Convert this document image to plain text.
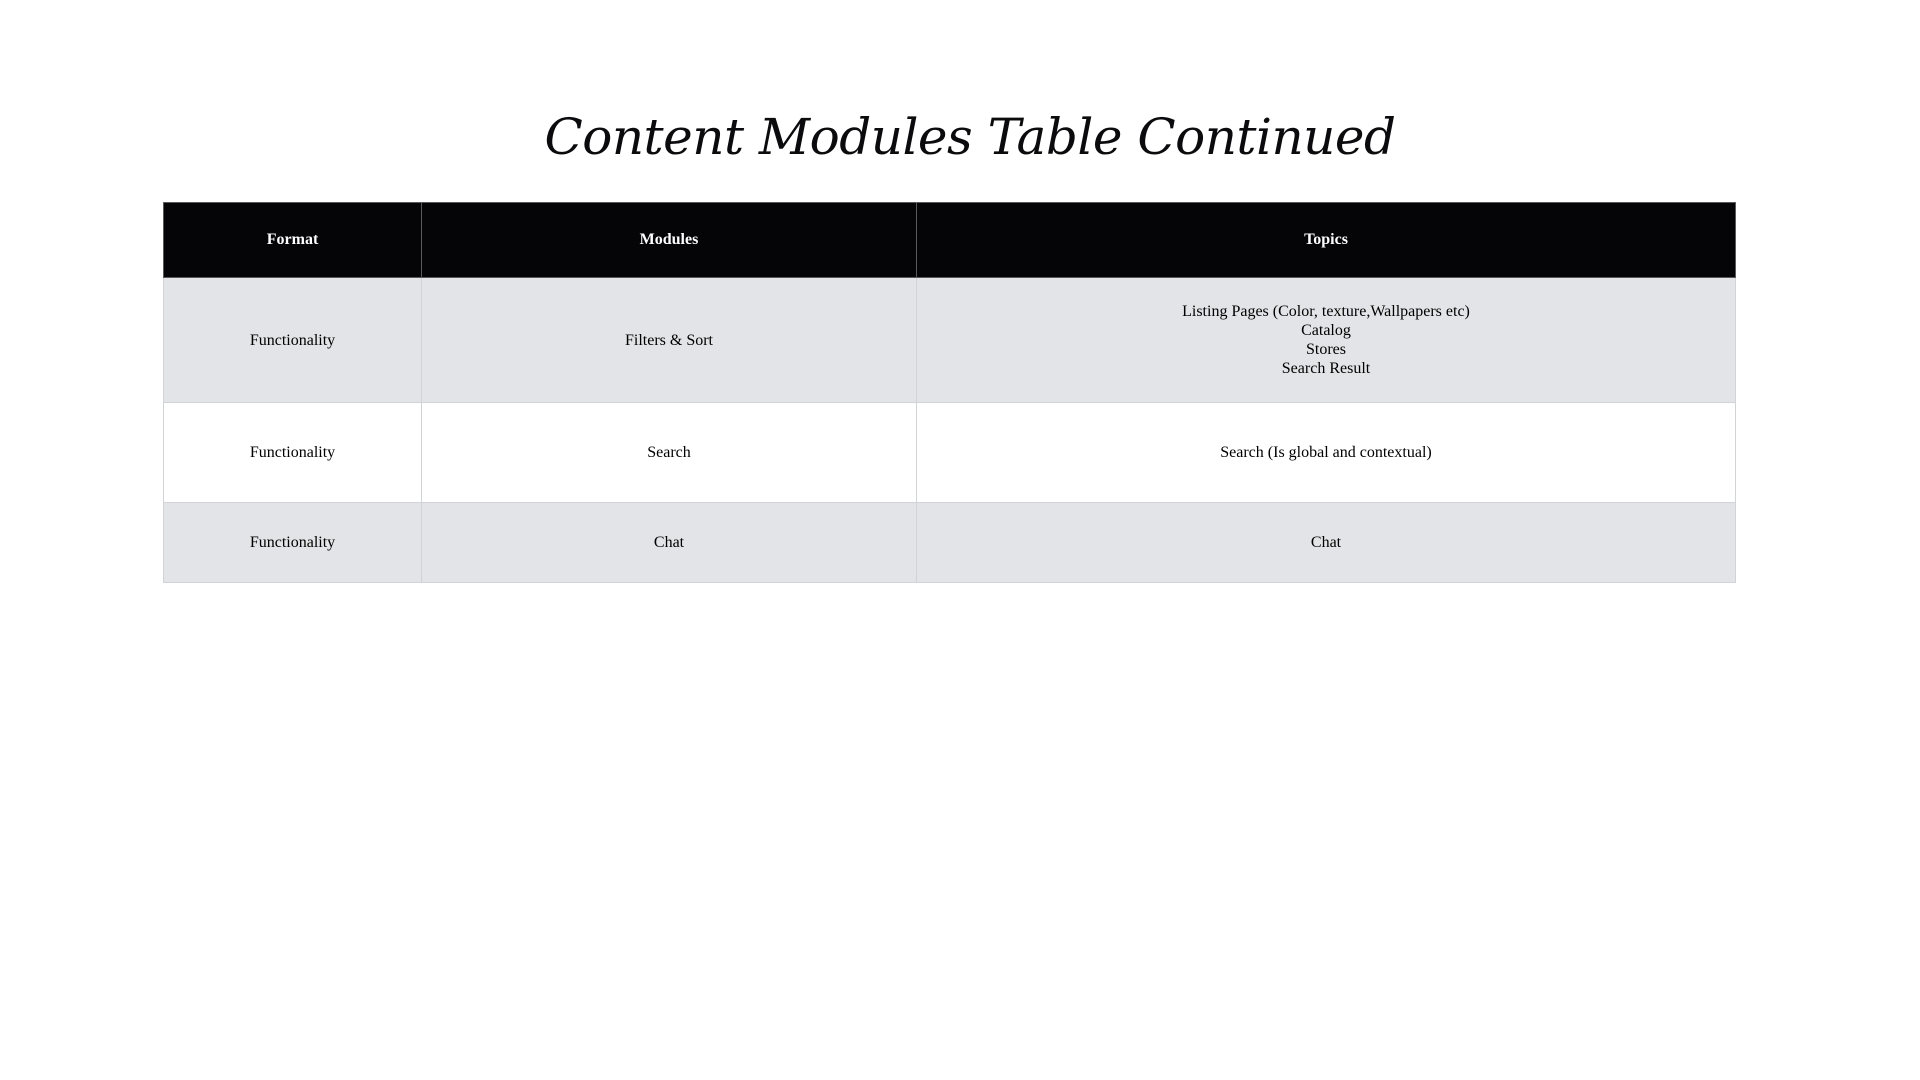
Content Modules Table Continued
Format	Modules	Topics
Functionality	Filters & Sort	Listing Pages (Color, texture,Wallpapers etc)
Catalog
Stores
Search Result

Functionality	Search	Search (Is global and contextual)

Functionality	Chat	Chat
